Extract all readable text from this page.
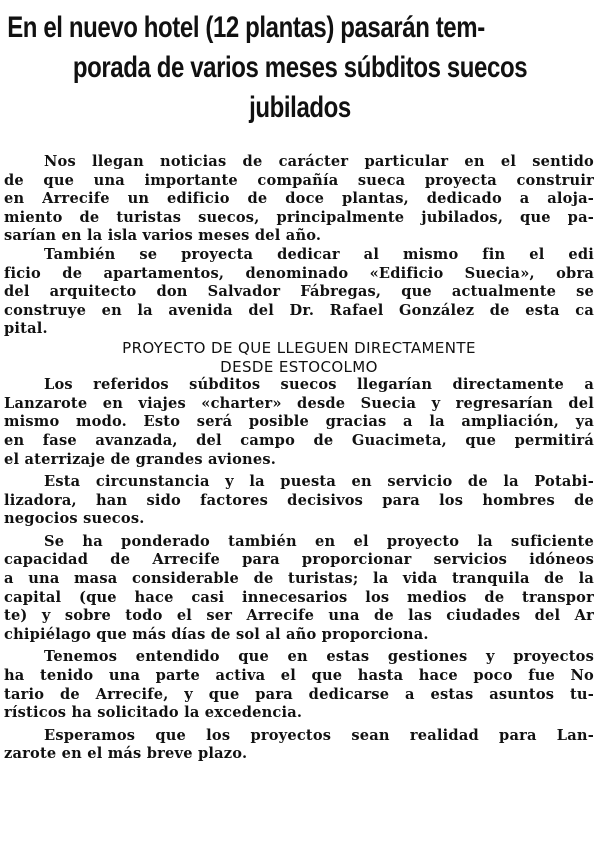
En el nuevo hotel (12 plantas) pasarán tem-
porada de varios meses súbditos suecos
jubilados
Nos llegan noticias de carácter particular en el sentido
de que una importante compañía sueca proyecta construir
en Arrecife un edificio de doce plantas, dedicado a aloja-
miento de turistas suecos, principalmente jubilados, que pa-
sarían en la isla varios meses del año.
También se proyecta dedicar al mismo fin el edi
ficio de apartamentos, denominado «Edificio Suecia», obra
del arquitecto don Salvador Fábregas, que actualmente se
construye en la avenida del Dr. Rafael González de esta ca
pital.
PROYECTO DE QUE LLEGUEN DIRECTAMENTE
DESDE ESTOCOLMO
Los referidos súbditos suecos llegarían directamente a
Lanzarote en viajes «charter» desde Suecia y regresarían del
mismo modo. Esto será posible gracias a la ampliación, ya
en fase avanzada, del campo de Guacimeta, que permitirá
el aterrizaje de grandes aviones.
Esta circunstancia y la puesta en servicio de la Potabi-
lizadora, han sido factores decisivos para los hombres de
negocios suecos.
Se ha ponderado también en el proyecto la suficiente
capacidad de Arrecife para proporcionar servicios idóneos
a una masa considerable de turistas; la vida tranquila de la
capital (que hace casi innecesarios los medios de transpor
te) y sobre todo el ser Arrecife una de las ciudades del Ar
chipiélago que más días de sol al año proporciona.
Tenemos entendido que en estas gestiones y proyectos
ha tenido una parte activa el que hasta hace poco fue No
tario de Arrecife, y que para dedicarse a estas asuntos tu-
rísticos ha solicitado la excedencia.
Esperamos que los proyectos sean realidad para Lan-
zarote en el más breve plazo.
